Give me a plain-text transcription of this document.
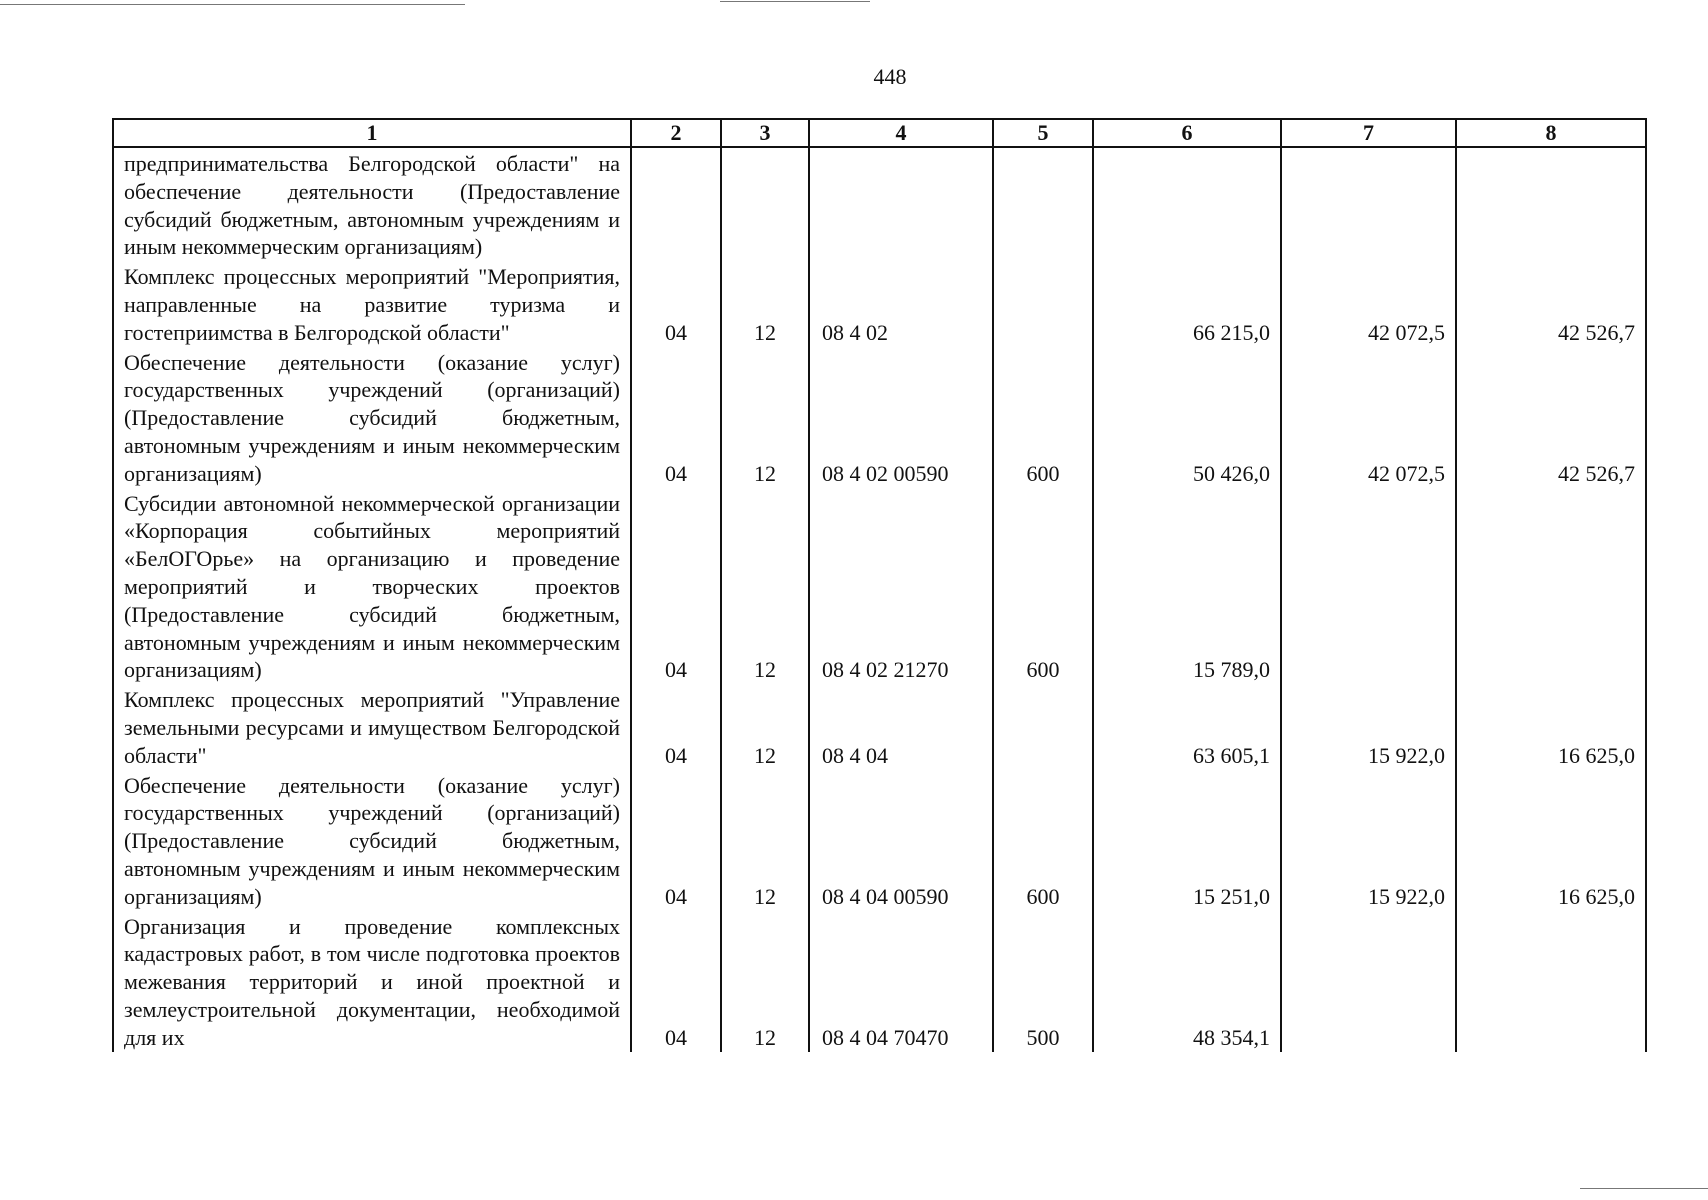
448
1	2	3	4	5	6	7	8
предпринимательства Белгородской области" на обеспечение деятельности (Предоставление субсидий бюджетным, автономным учреждениям и иным некоммерческим организациям)							
Комплекс процессных мероприятий "Мероприятия, направленные на развитие туризма и гостеприимства в Белгородской области"	04	12	08 4 02		66 215,0	42 072,5	42 526,7
Обеспечение деятельности (оказание услуг) государственных учреждений (организаций) (Предоставление субсидий бюджетным, автономным учреждениям и иным некоммерческим организациям)	04	12	08 4 02 00590	600	50 426,0	42 072,5	42 526,7
Субсидии автономной некоммерческой организации «Корпорация событийных мероприятий «БелОГОрье» на организацию и проведение мероприятий и творческих проектов (Предоставление субсидий бюджетным, автономным учреждениям и иным некоммерческим организациям)	04	12	08 4 02 21270	600	15 789,0		
Комплекс процессных мероприятий "Управление земельными ресурсами и имуществом Белгородской области"	04	12	08 4 04		63 605,1	15 922,0	16 625,0
Обеспечение деятельности (оказание услуг) государственных учреждений (организаций) (Предоставление субсидий бюджетным, автономным учреждениям и иным некоммерческим организациям)	04	12	08 4 04 00590	600	15 251,0	15 922,0	16 625,0
Организация и проведение комплексных кадастровых работ, в том числе подготовка проектов межевания территорий и иной проектной и землеустроительной документации, необходимой для их	04	12	08 4 04 70470	500	48 354,1		
